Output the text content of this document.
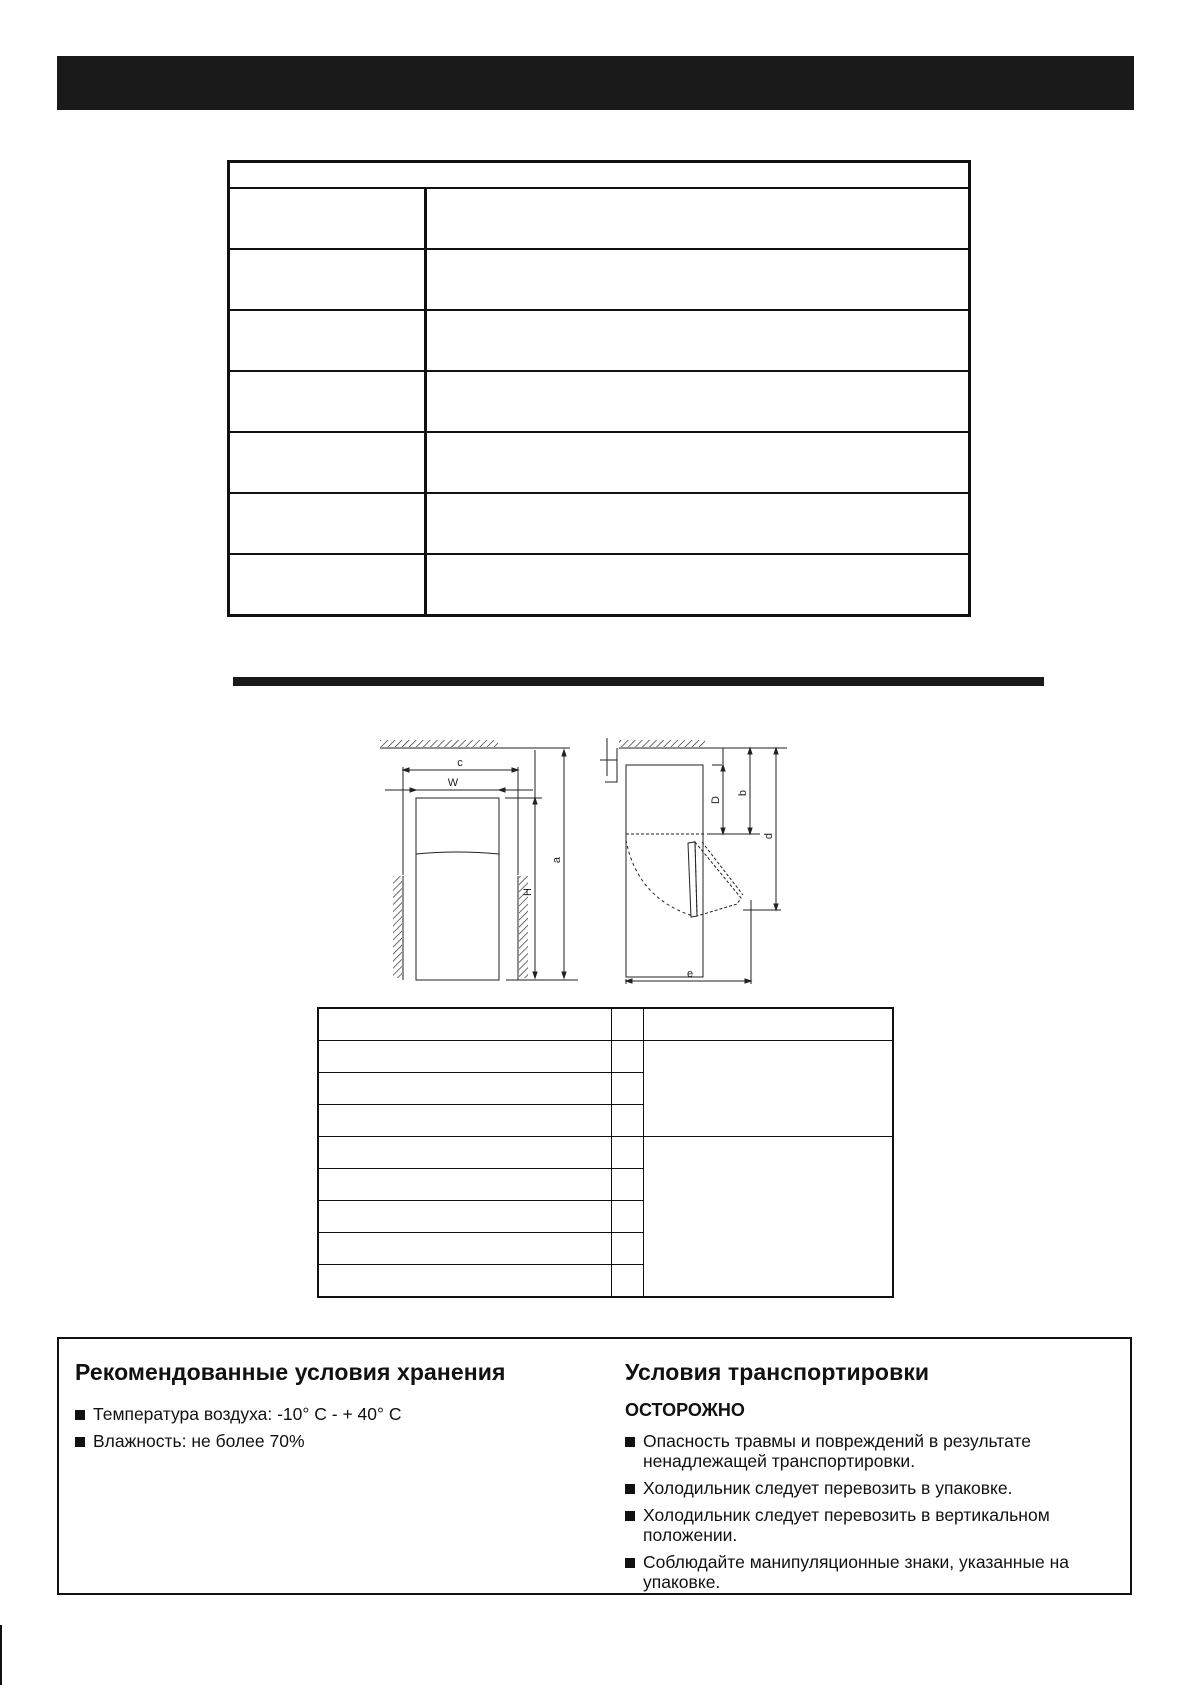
c
W
H
a
D
b
d
e

Рекомендованные условия хранения
Температура воздуха: -10° C - + 40° C
Влажность: не более 70%
Условия транспортировки
ОСТОРОЖНО
Опасность травмы и повреждений в результате ненадлежащей транспортировки.
Холодильник следует перевозить в упаковке.
Холодильник следует перевозить в вертикальном положении.
Соблюдайте манипуляционные знаки, указанные на упаковке.
